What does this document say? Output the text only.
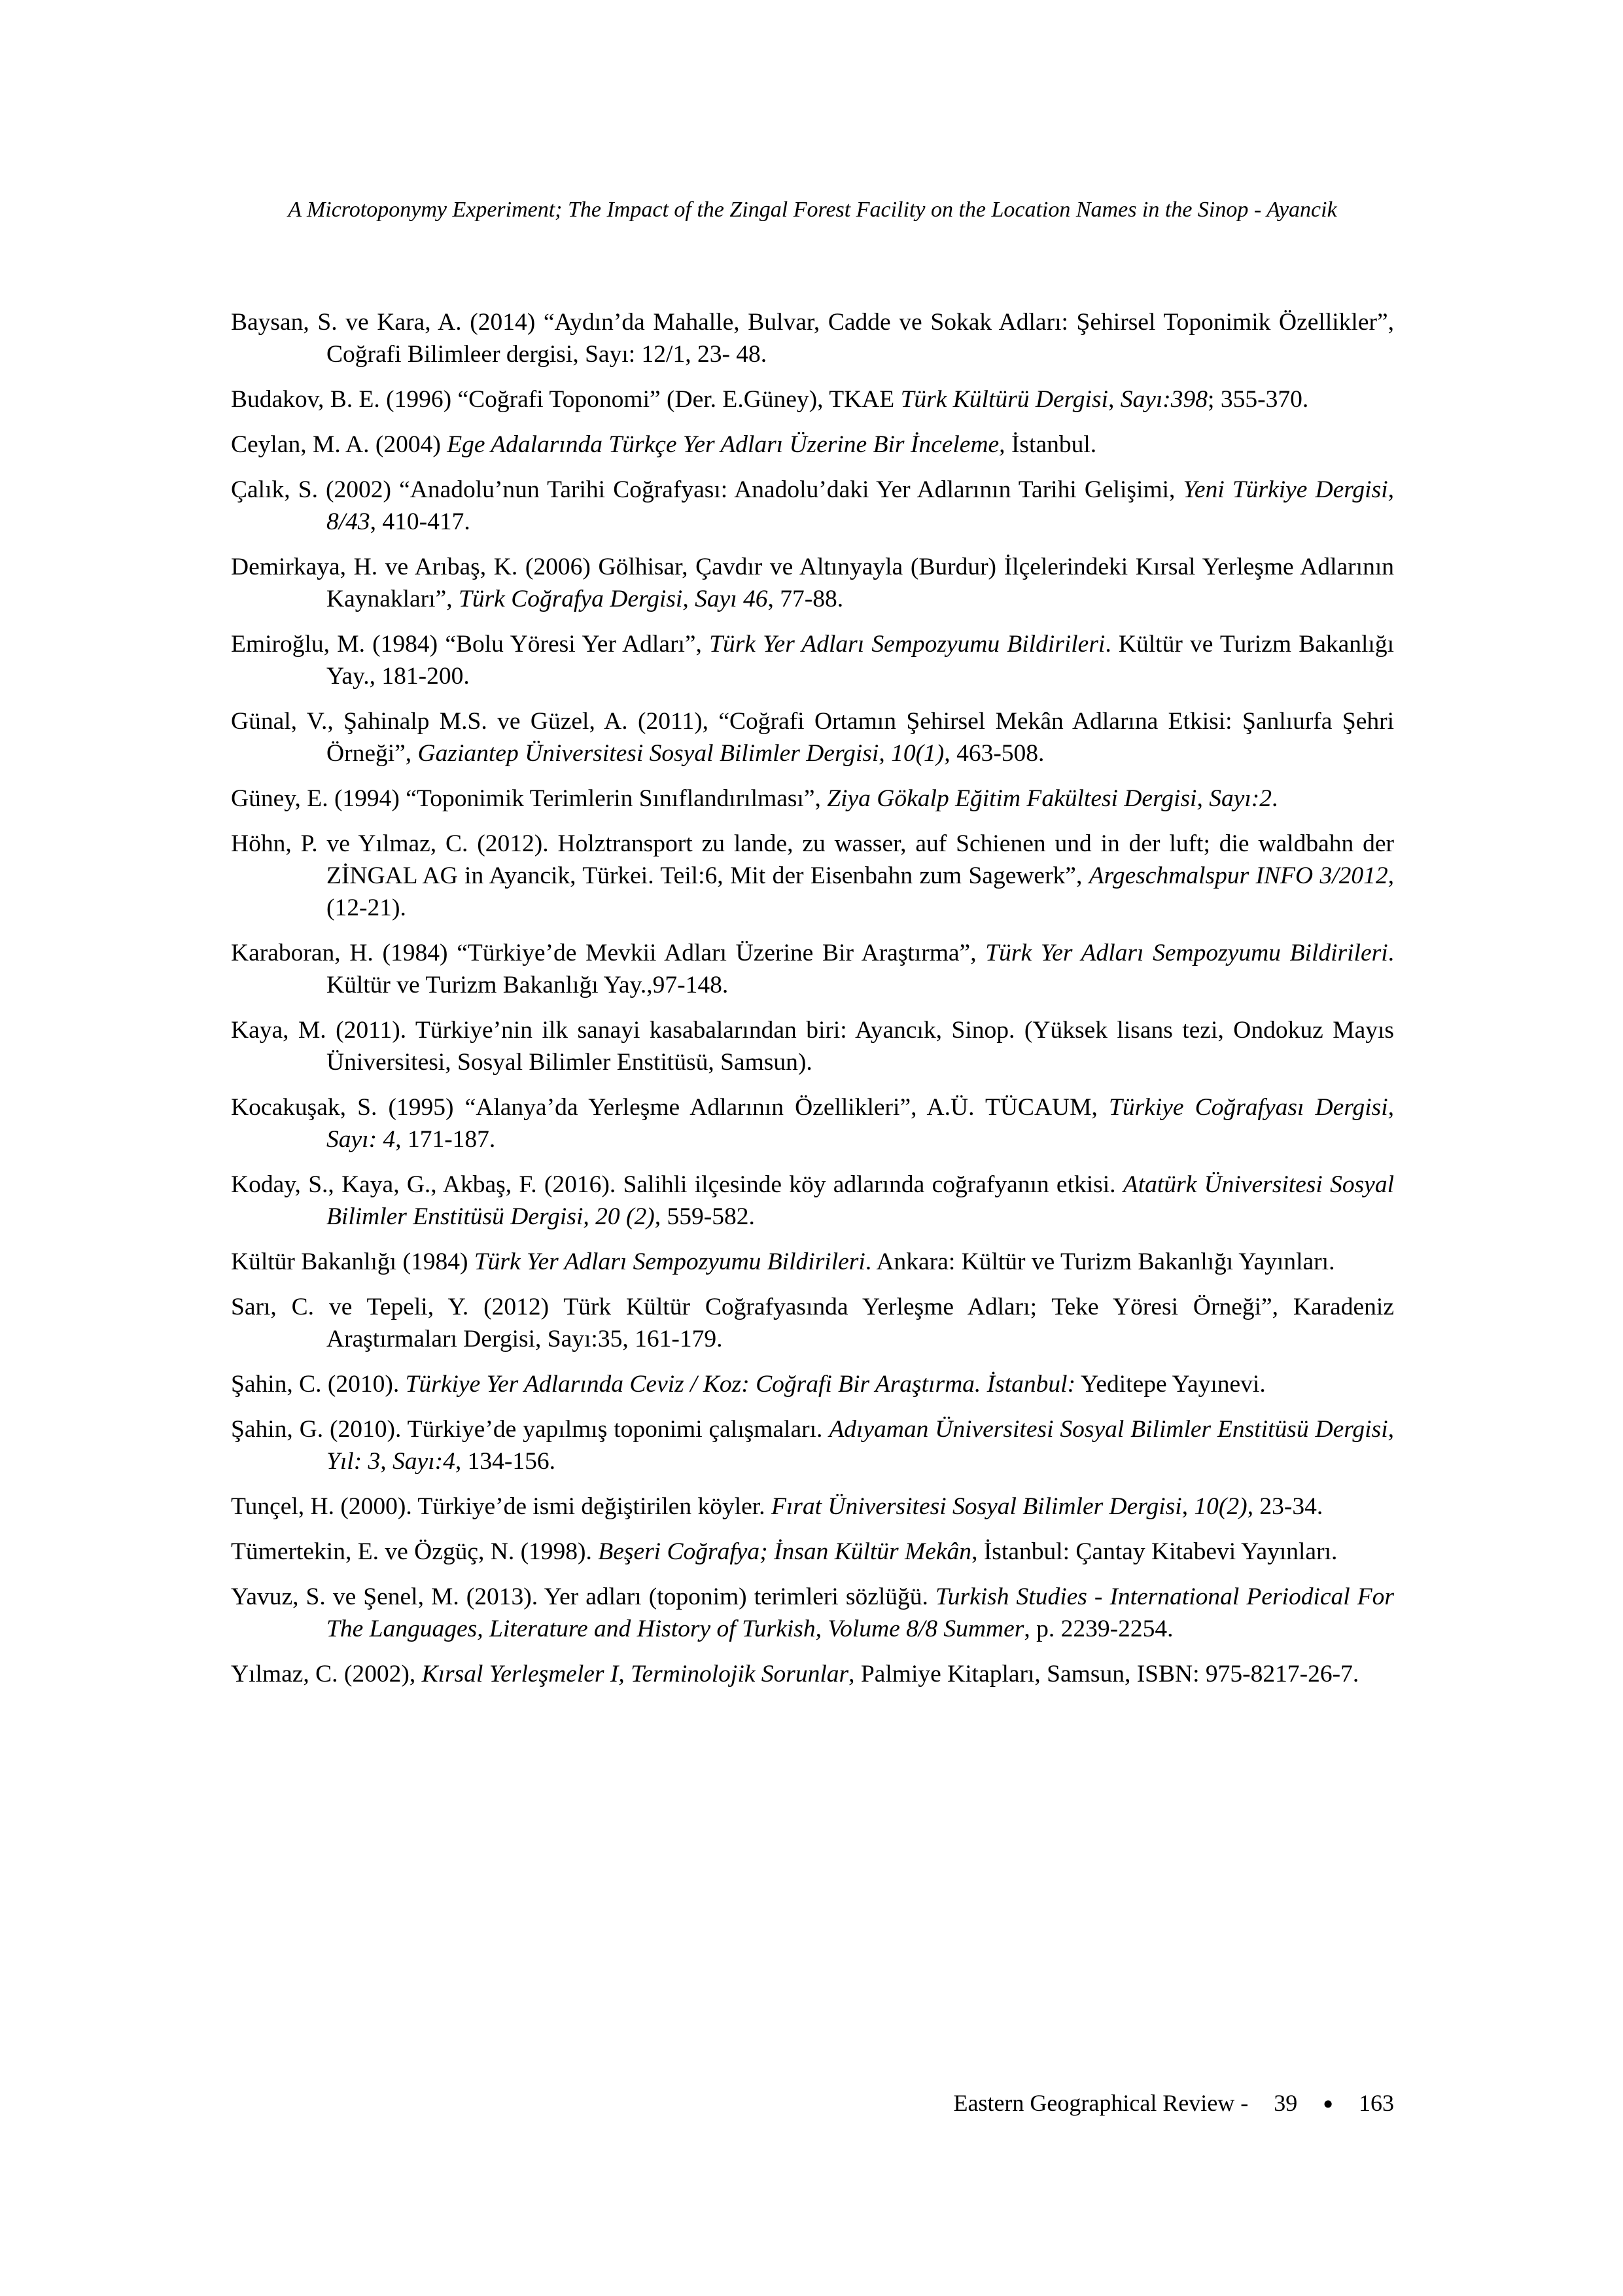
A Microtoponymy Experiment; The Impact of the Zingal Forest Facility on the Location Names in the Sinop - Ayancik

Baysan, S. ve Kara, A. (2014) “Aydın’da Mahalle, Bulvar, Cadde ve Sokak Adları: Şehirsel Toponimik Özellikler”, Coğrafi Bilimleer dergisi, Sayı: 12/1, 23- 48.

Budakov, B. E. (1996) “Coğrafi Toponomi” (Der. E.Güney), TKAE Türk Kültürü Dergisi, Sayı:398; 355-370.

Ceylan, M. A. (2004) Ege Adalarında Türkçe Yer Adları Üzerine Bir İnceleme, İstanbul.

Çalık, S. (2002) “Anadolu’nun Tarihi Coğrafyası: Anadolu’daki Yer Adlarının Tarihi Gelişimi, Yeni Türkiye Dergisi, 8/43, 410-417.

Demirkaya, H. ve Arıbaş, K. (2006) Gölhisar, Çavdır ve Altınyayla (Burdur) İlçelerindeki Kırsal Yerleşme Adlarının Kaynakları”, Türk Coğrafya Dergisi, Sayı 46, 77-88.

Emiroğlu, M. (1984) “Bolu Yöresi Yer Adları”, Türk Yer Adları Sempozyumu Bildirileri. Kültür ve Turizm Bakanlığı Yay., 181-200.

Günal, V., Şahinalp M.S. ve Güzel, A. (2011), “Coğrafi Ortamın Şehirsel Mekân Adlarına Etkisi: Şanlıurfa Şehri Örneği”, Gaziantep Üniversitesi Sosyal Bilimler Dergisi, 10(1), 463-508.

Güney, E. (1994) “Toponimik Terimlerin Sınıflandırılması”, Ziya Gökalp Eğitim Fakültesi Dergisi, Sayı:2.

Höhn, P. ve Yılmaz, C. (2012). Holztransport zu lande, zu wasser, auf Schienen und in der luft; die waldbahn der ZİNGAL AG in Ayancik, Türkei. Teil:6, Mit der Eisenbahn zum Sagewerk”, Argeschmalspur INFO 3/2012, (12-21).

Karaboran, H. (1984) “Türkiye’de Mevkii Adları Üzerine Bir Araştırma”, Türk Yer Adları Sempozyumu Bildirileri. Kültür ve Turizm Bakanlığı Yay.,97-148.

Kaya, M. (2011). Türkiye’nin ilk sanayi kasabalarından biri: Ayancık, Sinop. (Yüksek lisans tezi, Ondokuz Mayıs Üniversitesi, Sosyal Bilimler Enstitüsü, Samsun).

Kocakuşak, S. (1995) “Alanya’da Yerleşme Adlarının Özellikleri”, A.Ü. TÜCAUM, Türkiye Coğrafyası Dergisi, Sayı: 4, 171-187.

Koday, S., Kaya, G., Akbaş, F. (2016). Salihli ilçesinde köy adlarında coğrafyanın etkisi. Atatürk Üniversitesi Sosyal Bilimler Enstitüsü Dergisi, 20 (2), 559-582.

Kültür Bakanlığı (1984) Türk Yer Adları Sempozyumu Bildirileri. Ankara: Kültür ve Turizm Bakanlığı Yayınları.

Sarı, C. ve Tepeli, Y. (2012) Türk Kültür Coğrafyasında Yerleşme Adları; Teke Yöresi Örneği”, Karadeniz Araştırmaları Dergisi, Sayı:35, 161-179.

Şahin, C. (2010). Türkiye Yer Adlarında Ceviz / Koz: Coğrafi Bir Araştırma. İstanbul: Yeditepe Yayınevi.

Şahin, G. (2010). Türkiye’de yapılmış toponimi çalışmaları. Adıyaman Üniversitesi Sosyal Bilimler Enstitüsü Dergisi, Yıl: 3, Sayı:4, 134-156.

Tunçel, H. (2000). Türkiye’de ismi değiştirilen köyler. Fırat Üniversitesi Sosyal Bilimler Dergisi, 10(2), 23-34.

Tümertekin, E. ve Özgüç, N. (1998). Beşeri Coğrafya; İnsan Kültür Mekân, İstanbul: Çantay Kitabevi Yayınları.

Yavuz, S. ve Şenel, M. (2013). Yer adları (toponim) terimleri sözlüğü. Turkish Studies - International Periodical For The Languages, Literature and History of Turkish, Volume 8/8 Summer, p. 2239-2254.

Yılmaz, C. (2002), Kırsal Yerleşmeler I, Terminolojik Sorunlar, Palmiye Kitapları, Samsun, ISBN: 975-8217-26-7.

Eastern Geographical Review - 39 ● 163
